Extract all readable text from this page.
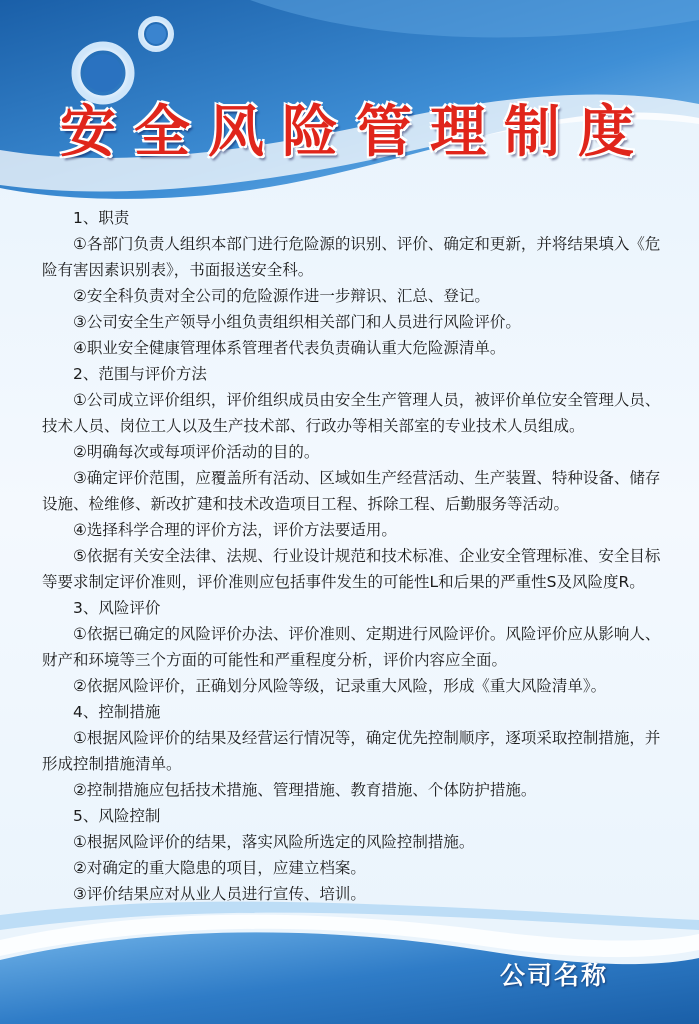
安全风险管理制度

1、职责

①各部门负责人组织本部门进行危险源的识别、评价、确定和更新，并将结果填入《危险有害因素识别表》，书面报送安全科。

②安全科负责对全公司的危险源作进一步辩识、汇总、登记。

③公司安全生产领导小组负责组织相关部门和人员进行风险评价。

④职业安全健康管理体系管理者代表负责确认重大危险源清单。

2、范围与评价方法

①公司成立评价组织，评价组织成员由安全生产管理人员，被评价单位安全管理人员、技术人员、岗位工人以及生产技术部、行政办等相关部室的专业技术人员组成。

②明确每次或每项评价活动的目的。

③确定评价范围，应覆盖所有活动、区域如生产经营活动、生产装置、特种设备、储存设施、检维修、新改扩建和技术改造项目工程、拆除工程、后勤服务等活动。

④选择科学合理的评价方法，评价方法要适用。

⑤依据有关安全法律、法规、行业设计规范和技术标准、企业安全管理标准、安全目标等要求制定评价准则，评价准则应包括事件发生的可能性L和后果的严重性S及风险度R。

3、风险评价

①依据已确定的风险评价办法、评价准则、定期进行风险评价。风险评价应从影响人、财产和环境等三个方面的可能性和严重程度分析，评价内容应全面。

②依据风险评价，正确划分风险等级，记录重大风险，形成《重大风险清单》。

4、控制措施

①根据风险评价的结果及经营运行情况等，确定优先控制顺序，逐项采取控制措施，并形成控制措施清单。

②控制措施应包括技术措施、管理措施、教育措施、个体防护措施。

5、风险控制

①根据风险评价的结果，落实风险所选定的风险控制措施。

②对确定的重大隐患的项目，应建立档案。

③评价结果应对从业人员进行宣传、培训。

公司名称
